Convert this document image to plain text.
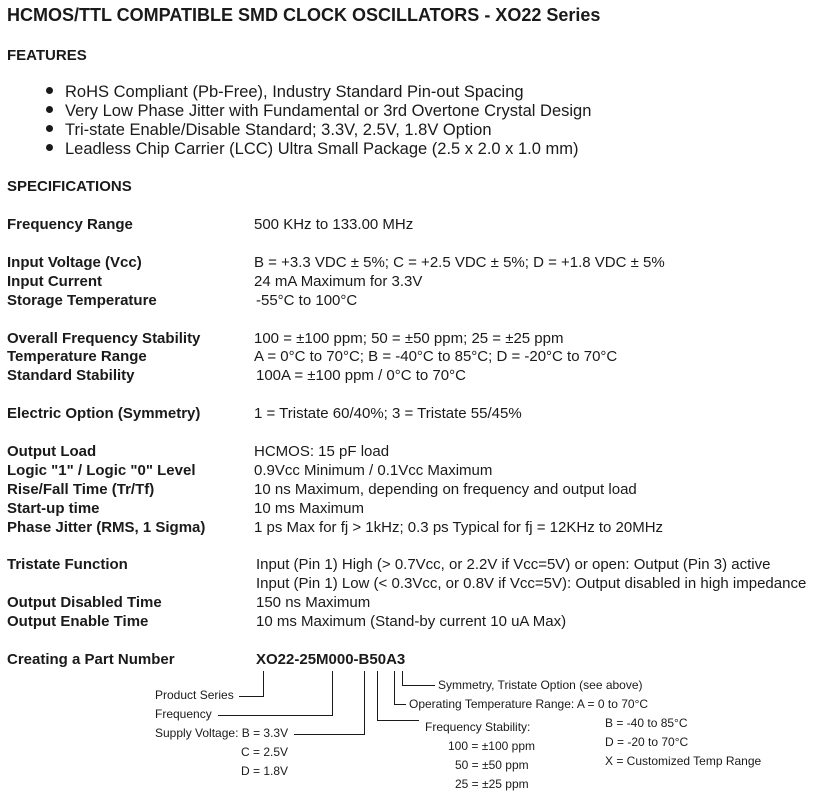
HCMOS/TTL COMPATIBLE SMD CLOCK OSCILLATORS - XO22 Series
FEATURES
RoHS Compliant (Pb-Free), Industry Standard Pin-out Spacing
Very Low Phase Jitter with Fundamental or 3rd Overtone Crystal Design
Tri-state Enable/Disable Standard; 3.3V, 2.5V, 1.8V Option
Leadless Chip Carrier (LCC) Ultra Small Package (2.5 x 2.0 x 1.0 mm)
SPECIFICATIONS
Frequency Range	500 KHz to 133.00 MHz
Input Voltage (Vcc)	B = +3.3 VDC ± 5%; C = +2.5 VDC ± 5%; D = +1.8 VDC ± 5%
Input Current	24 mA Maximum for 3.3V
Storage Temperature	-55°C to 100°C
Overall Frequency Stability	100 = ±100 ppm; 50 = ±50 ppm; 25 = ±25 ppm
Temperature Range	A = 0°C to 70°C; B = -40°C to 85°C; D = -20°C to 70°C
Standard Stability	100A = ±100 ppm / 0°C to 70°C
Electric Option (Symmetry)	1 = Tristate 60/40%; 3 = Tristate 55/45%
Output Load	HCMOS: 15 pF load
Logic "1" / Logic "0" Level	0.9Vcc Minimum / 0.1Vcc Maximum
Rise/Fall Time (Tr/Tf)	10 ns Maximum, depending on frequency and output load
Start-up time	10 ms Maximum
Phase Jitter (RMS, 1 Sigma)	1 ps Max for fj > 1kHz; 0.3 ps Typical for fj = 12KHz to 20MHz
Tristate Function	Input (Pin 1) High (> 0.7Vcc, or 2.2V if Vcc=5V) or open: Output (Pin 3) active
Input (Pin 1) Low (< 0.3Vcc, or 0.8V if Vcc=5V): Output disabled in high impedance
Output Disabled Time	150 ns Maximum
Output Enable Time	10 ms Maximum (Stand-by current 10 uA Max)
Creating a Part Number	XO22-25M000-B50A3
Product Series
Frequency
Supply Voltage: B = 3.3V
C = 2.5V
D = 1.8V
Symmetry, Tristate Option (see above)
Operating Temperature Range: A = 0 to 70°C
B = -40 to 85°C
D = -20 to 70°C
X = Customized Temp Range
Frequency Stability:
100 = ±100 ppm
50 = ±50 ppm
25 = ±25 ppm
